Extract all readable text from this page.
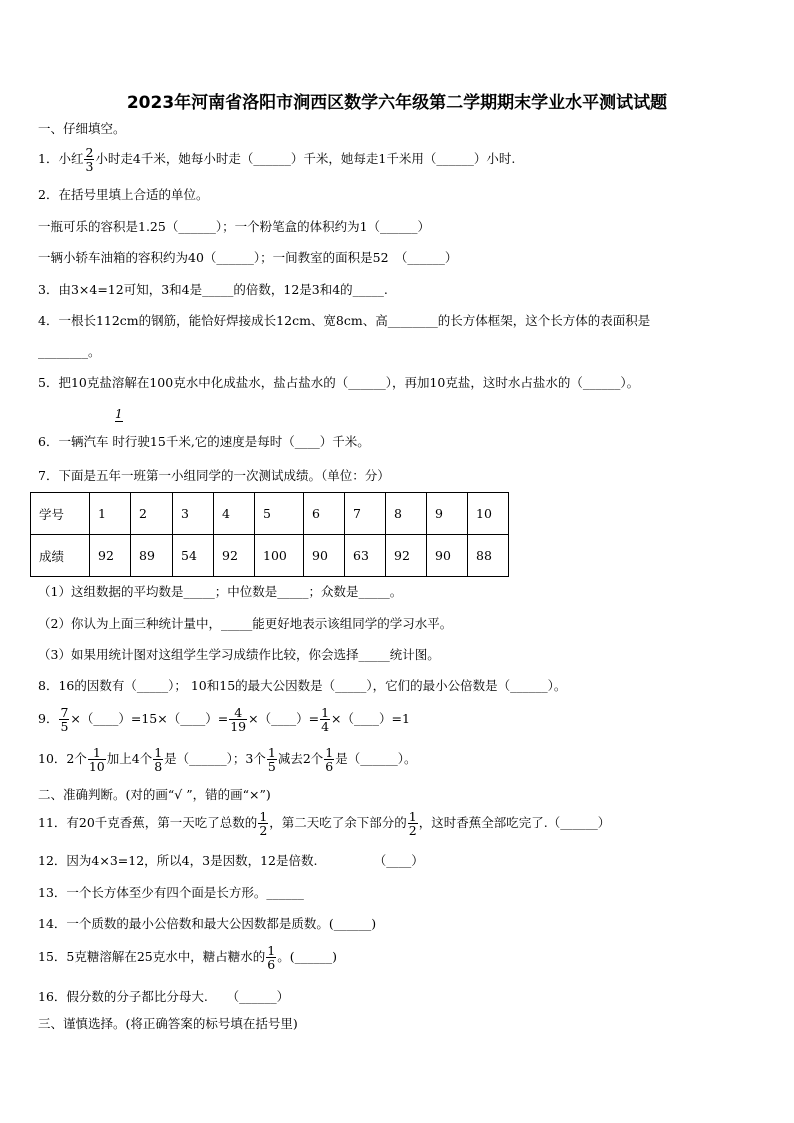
2023年河南省洛阳市涧西区数学六年级第二学期期末学业水平测试试题
一、仔细填空。
1．小红 $\frac{2}{3}$ 小时走4千米，她每小时走（______）千米，她每走1千米用（______）小时.
2．在括号里填上合适的单位。
一瓶可乐的容积是1.25（______）；一个粉笔盒的体积约为1（______）
一辆小轿车油箱的容积约为40（______）；一间教室的面积是52　（______）
3．由3×4=12可知，3和4是_____的倍数，12是3和4的_____.
4．一根长112cm的钢筋，能恰好焊接成长12cm、宽8cm、高________的长方体框架，这个长方体的表面积是
________。
5．把10克盐溶解在100克水中化成盐水，盐占盐水的（______），再加10克盐，这时水占盐水的（______）。
1
6．一辆汽车 时行驶15千米,它的速度是每时（____）千米。
7．下面是五年一班第一小组同学的一次测试成绩。（单位：分）
学号	1	2	3	4	5	6	7	8	9	10
成绩	92	89	54	92	100	90	63	92	90	88
（1）这组数据的平均数是_____；中位数是_____；众数是_____。
（2）你认为上面三种统计量中，_____能更好地表示该组同学的学习水平。
（3）如果用统计图对这组学生学习成绩作比较，你会选择_____统计图。
8．16的因数有（_____）； 10和15的最大公因数是（_____），它们的最小公倍数是（______）。
9． $\frac{7}{5}$ ×（____）=15×（____）= $\frac{4}{19}$ ×（____）= $\frac{1}{4}$ ×（____）=1
10．2个 $\frac{1}{10}$ 加上4个 $\frac{1}{8}$ 是（______）；3个 $\frac{1}{5}$ 减去2个 $\frac{1}{6}$ 是（______）。
二、准确判断。(对的画“√ ”，错的画“×”)
11．有20千克香蕉，第一天吃了总数的 $\frac{1}{2}$ ，第二天吃了余下部分的 $\frac{1}{2}$ ，这时香蕉全部吃完了.（______）
12．因为4×3=12，所以4，3是因数，12是倍数.　　　　　（____）
13．一个长方体至少有四个面是长方形。______
14．一个质数的最小公倍数和最大公因数都是质数。(______)
15．5克糖溶解在25克水中，糖占糖水的 $\frac{1}{6}$ 。(______)
16．假分数的分子都比分母大.　　（______）
三、谨慎选择。(将正确答案的标号填在括号里)
